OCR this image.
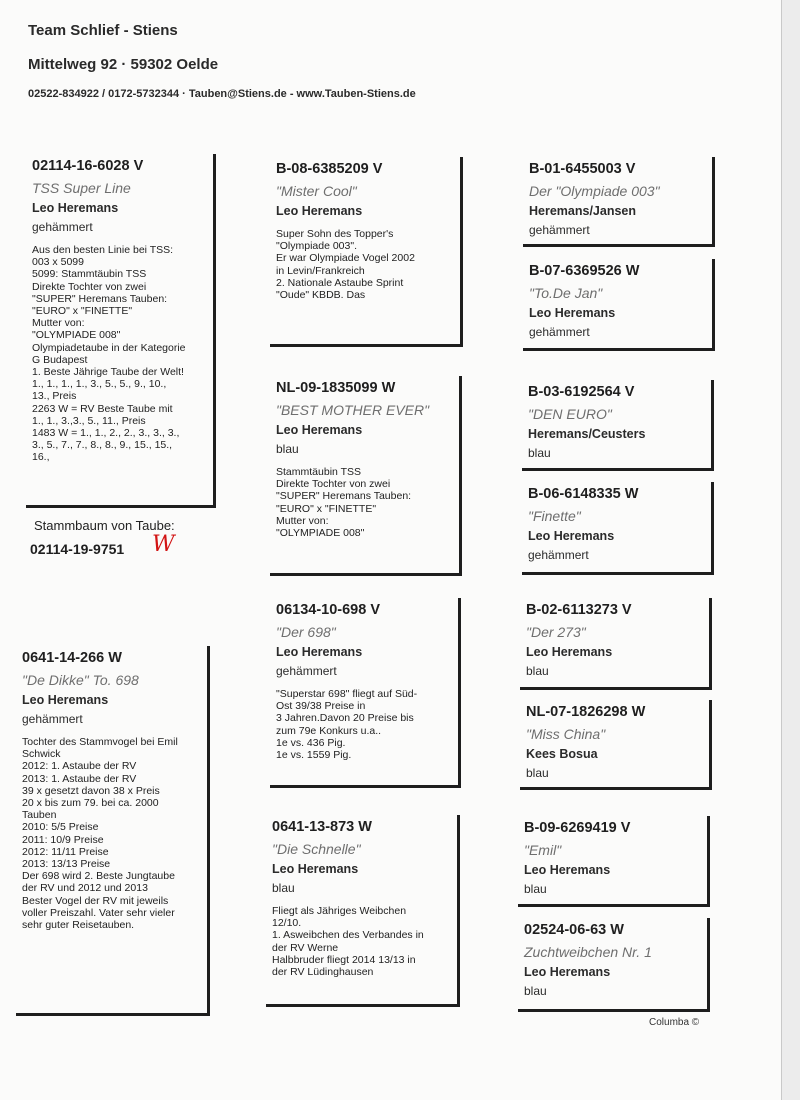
Team Schlief - Stiens
Mittelweg 92 · 59302 Oelde
02522-834922 / 0172-5732344 · Tauben@Stiens.de - www.Tauben-Stiens.de
02114-16-6028 V
TSS Super Line
Leo Heremans
gehämmert
Aus den besten Linie bei TSS:
003 x 5099
5099: Stammtäubin TSS
Direkte Tochter von zwei
"SUPER" Heremans Tauben:
"EURO" x "FINETTE"
Mutter von:
"OLYMPIADE 008"
Olympiadetaube in der Kategorie
G Budapest
1. Beste Jährige Taube der Welt!
1., 1., 1., 1., 3., 5., 5., 9., 10.,
13., Preis
2263 W = RV Beste Taube mit
1., 1., 3.,3., 5., 11., Preis
1483 W = 1., 1., 2., 2., 3., 3., 3.,
3., 5., 7., 7., 8., 8., 9., 15., 15.,
16.,
Stammbaum von Taube:
02114-19-9751 W
0641-14-266 W
"De Dikke" To. 698
Leo Heremans
gehämmert
Tochter des Stammvogel bei Emil
Schwick
2012: 1. Astaube der RV
2013: 1. Astaube der RV
39 x gesetzt davon 38 x Preis
20 x bis zum 79. bei ca. 2000
Tauben
2010: 5/5 Preise
2011: 10/9 Preise
2012: 11/11 Preise
2013: 13/13 Preise
Der 698 wird 2. Beste Jungtaube
der RV und 2012 und 2013
Bester Vogel der RV mit jeweils
voller Preiszahl. Vater sehr vieler
sehr guter Reisetauben.
B-08-6385209 V
"Mister Cool"
Leo Heremans
Super Sohn des Topper's
"Olympiade 003".
Er war Olympiade Vogel 2002
in Levin/Frankreich
2. Nationale Astaube Sprint
"Oude" KBDB. Das
NL-09-1835099 W
"BEST MOTHER EVER"
Leo Heremans
blau
Stammtäubin TSS
Direkte Tochter von zwei
"SUPER" Heremans Tauben:
"EURO" x "FINETTE"
Mutter von:
"OLYMPIADE 008"
06134-10-698 V
"Der 698"
Leo Heremans
gehämmert
"Superstar 698" fliegt auf Süd-
Ost 39/38 Preise in
3 Jahren.Davon 20 Preise bis
zum 79e Konkurs u.a..
1e vs. 436 Pig.
1e vs. 1559 Pig.
0641-13-873 W
"Die Schnelle"
Leo Heremans
blau
Fliegt als Jähriges Weibchen
12/10.
1. Asweibchen des Verbandes in
der RV Werne
Halbbruder fliegt 2014 13/13 in
der RV Lüdinghausen
B-01-6455003 V
Der "Olympiade 003"
Heremans/Jansen
gehämmert
B-07-6369526 W
"To.De Jan"
Leo Heremans
gehämmert
B-03-6192564 V
"DEN EURO"
Heremans/Ceusters
blau
B-06-6148335 W
"Finette"
Leo Heremans
gehämmert
B-02-6113273 V
"Der 273"
Leo Heremans
blau
NL-07-1826298 W
"Miss China"
Kees Bosua
blau
B-09-6269419 V
"Emil"
Leo Heremans
blau
02524-06-63 W
Zuchtweibchen Nr. 1
Leo Heremans
blau
Columba ©
